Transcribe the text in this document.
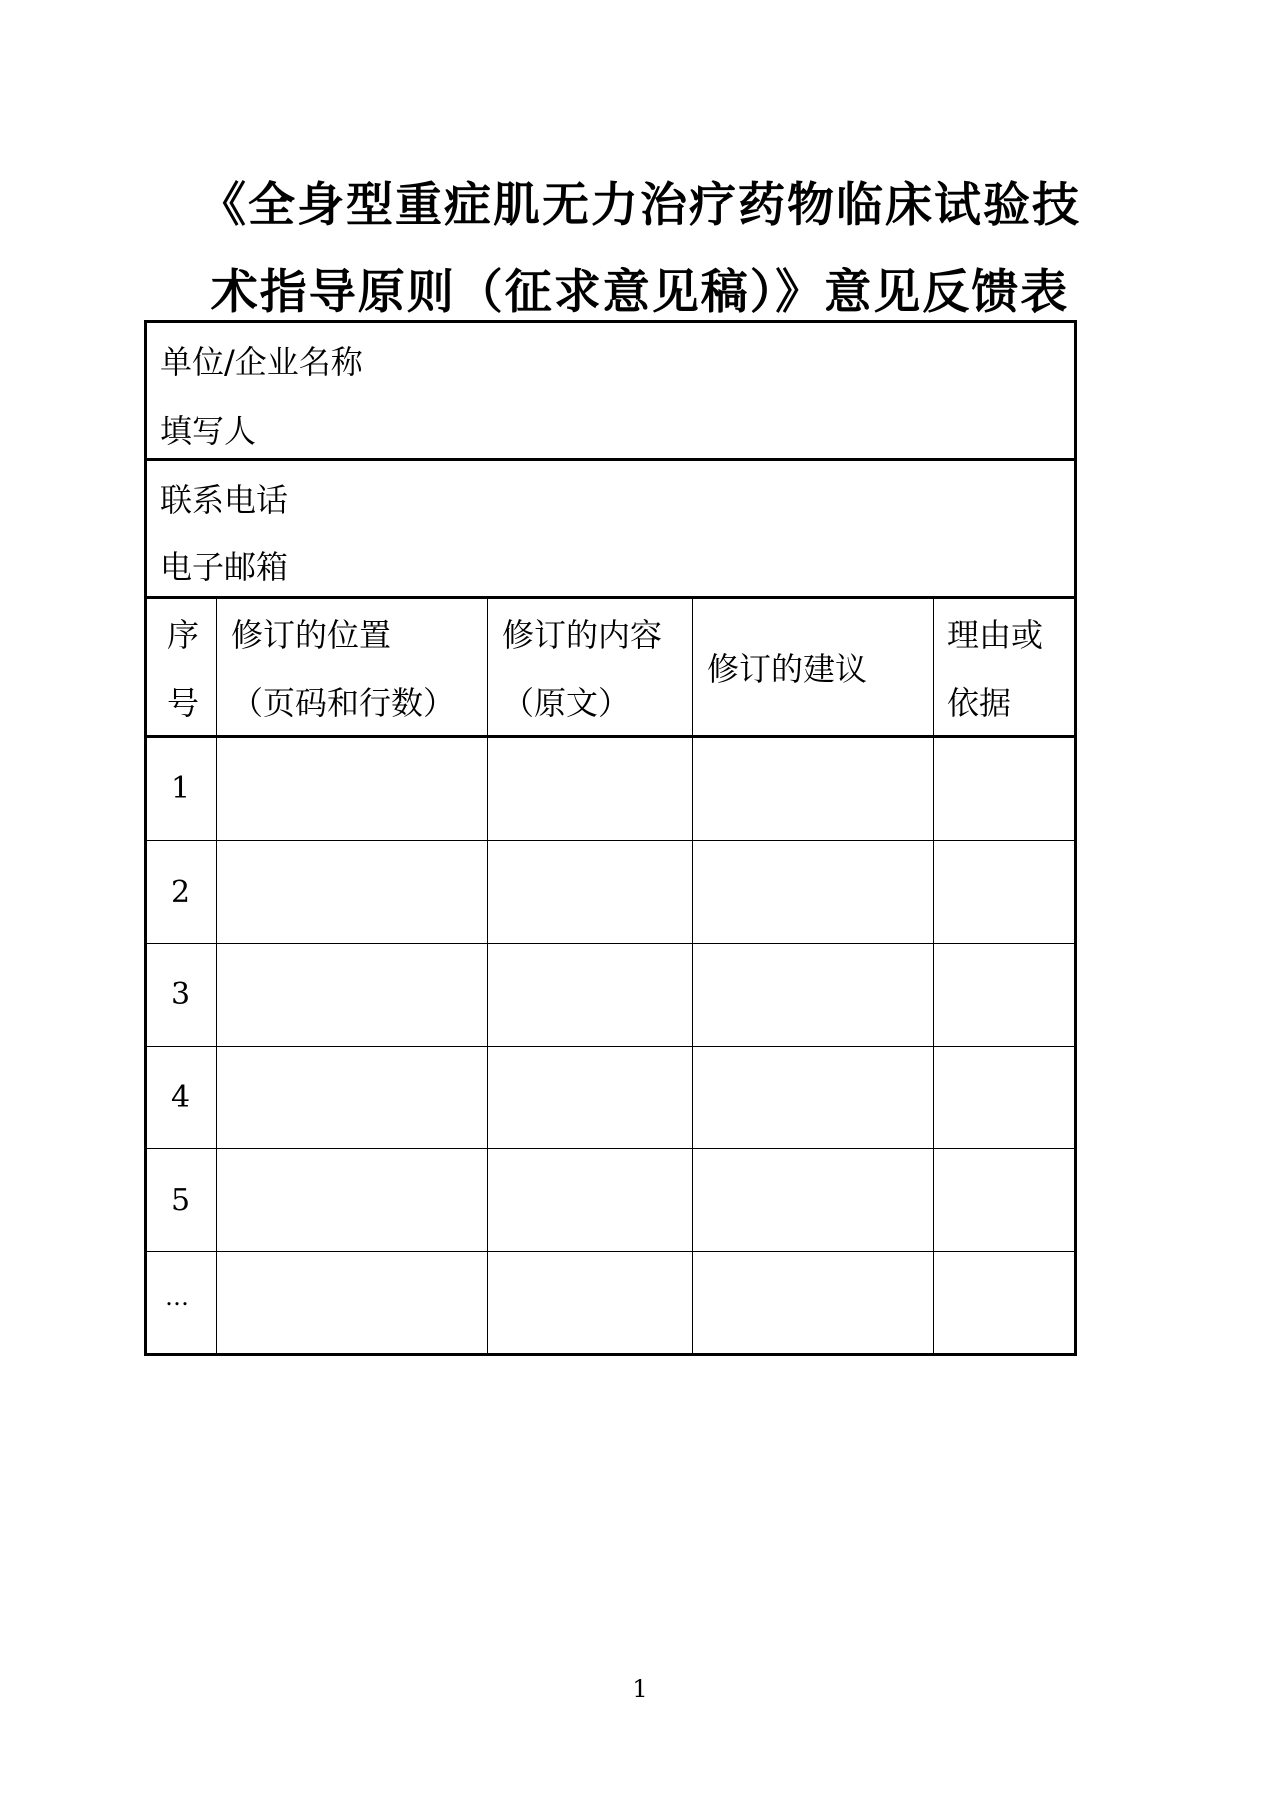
《全身型重症肌无力治疗药物临床试验技
术指导原则（征求意见稿）》意见反馈表
单位/企业名称
填写人
联系电话
电子邮箱
序
号
修订的位置
（页码和行数）
修订的内容
（原文）
修订的建议
理由或
依据
1
2
3
4
5
…
1
